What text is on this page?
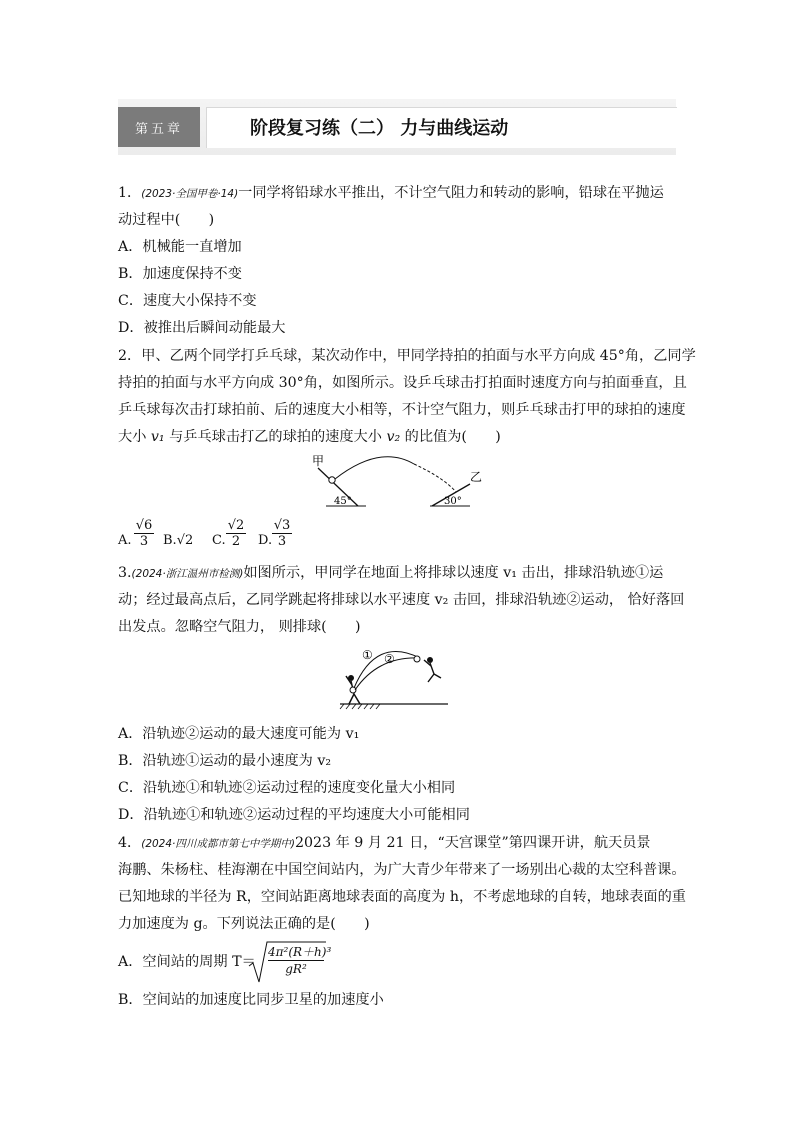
第五章	阶段复习练（二） 力与曲线运动
1．(2023·全国甲卷·14)一同学将铅球水平推出，不计空气阻力和转动的影响，铅球在平抛运
动过程中(　　)
A．机械能一直增加
B．加速度保持不变
C．速度大小保持不变
D．被推出后瞬间动能最大
2．甲、乙两个同学打乒乓球，某次动作中，甲同学持拍的拍面与水平方向成 45°角，乙同学
持拍的拍面与水平方向成 30°角，如图所示。设乒乓球击打拍面时速度方向与拍面垂直，且
乒乓球每次击打球拍前、后的速度大小相等，不计空气阻力，则乒乓球击打甲的球拍的速度
大小 v₁ 与乒乓球击打乙的球拍的速度大小 v₂ 的比值为(　　)
甲
乙
45°	30°
A. $\frac{√6}{3} B.√2$ C. $\frac{√2}{2} D$. $\frac{√3}{3}$
3.(2024·浙江温州市检测)如图所示，甲同学在地面上将排球以速度 v₁ 击出，排球沿轨迹①运
动；经过最高点后，乙同学跳起将排球以水平速度 v₂ 击回，排球沿轨迹②运动， 恰好落回
出发点。忽略空气阻力， 则排球(　　)
① ②
A．沿轨迹②运动的最大速度可能为 v₁
B．沿轨迹①运动的最小速度为 v₂
C．沿轨迹①和轨迹②运动过程的速度变化量大小相同
D．沿轨迹①和轨迹②运动过程的平均速度大小可能相同
4．(2024·四川成都市第七中学期中)2023 年 9 月 21 日，“天宫课堂”第四课开讲，航天员景
海鹏、朱杨柱、桂海潮在中国空间站内，为广大青少年带来了一场别出心裁的太空科普课。
已知地球的半径为 R，空间站距离地球表面的高度为 h，不考虑地球的自转，地球表面的重
力加速度为 g。下列说法正确的是(　　)
A．空间站的周期 $T= \frac{\text{4π²(R＋h)³}}{\text{gR²}}$
B．空间站的加速度比同步卫星的加速度小
